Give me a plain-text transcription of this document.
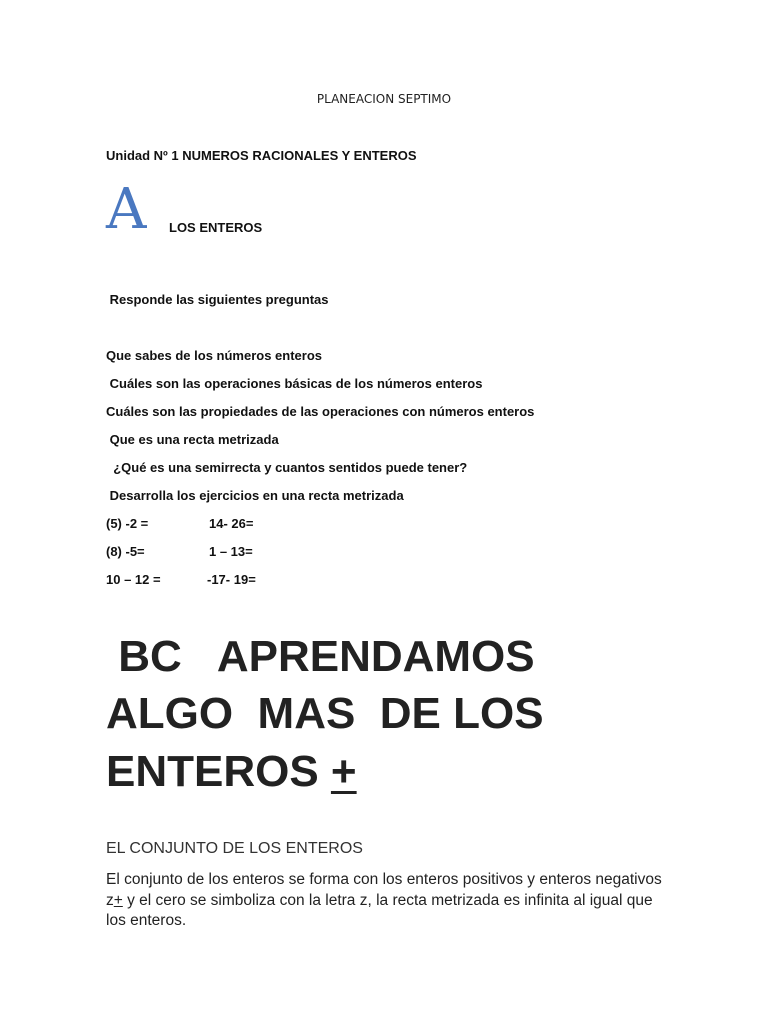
PLANEACION SEPTIMO
Unidad Nº 1 NUMEROS RACIONALES Y ENTEROS
A LOS ENTEROS
Responde las siguientes preguntas
Que sabes de los números enteros
Cuáles son las operaciones básicas de los números enteros
Cuáles son las propiedades de las operaciones con números enteros
Que es una recta metrizada
¿Qué es una semirrecta y cuantos sentidos puede tener?
Desarrolla los ejercicios en una recta metrizada
(5) -2 =	14- 26=
(8) -5=	1 – 13=
10 – 12 =	-17- 19=
BC   APRENDAMOS
ALGO  MAS  DE LOS
ENTEROS +
EL CONJUNTO DE LOS ENTEROS
El conjunto de los enteros se forma con los enteros positivos y enteros negativos z+ y el cero se simboliza con la letra z, la recta metrizada es infinita al igual que los enteros.
